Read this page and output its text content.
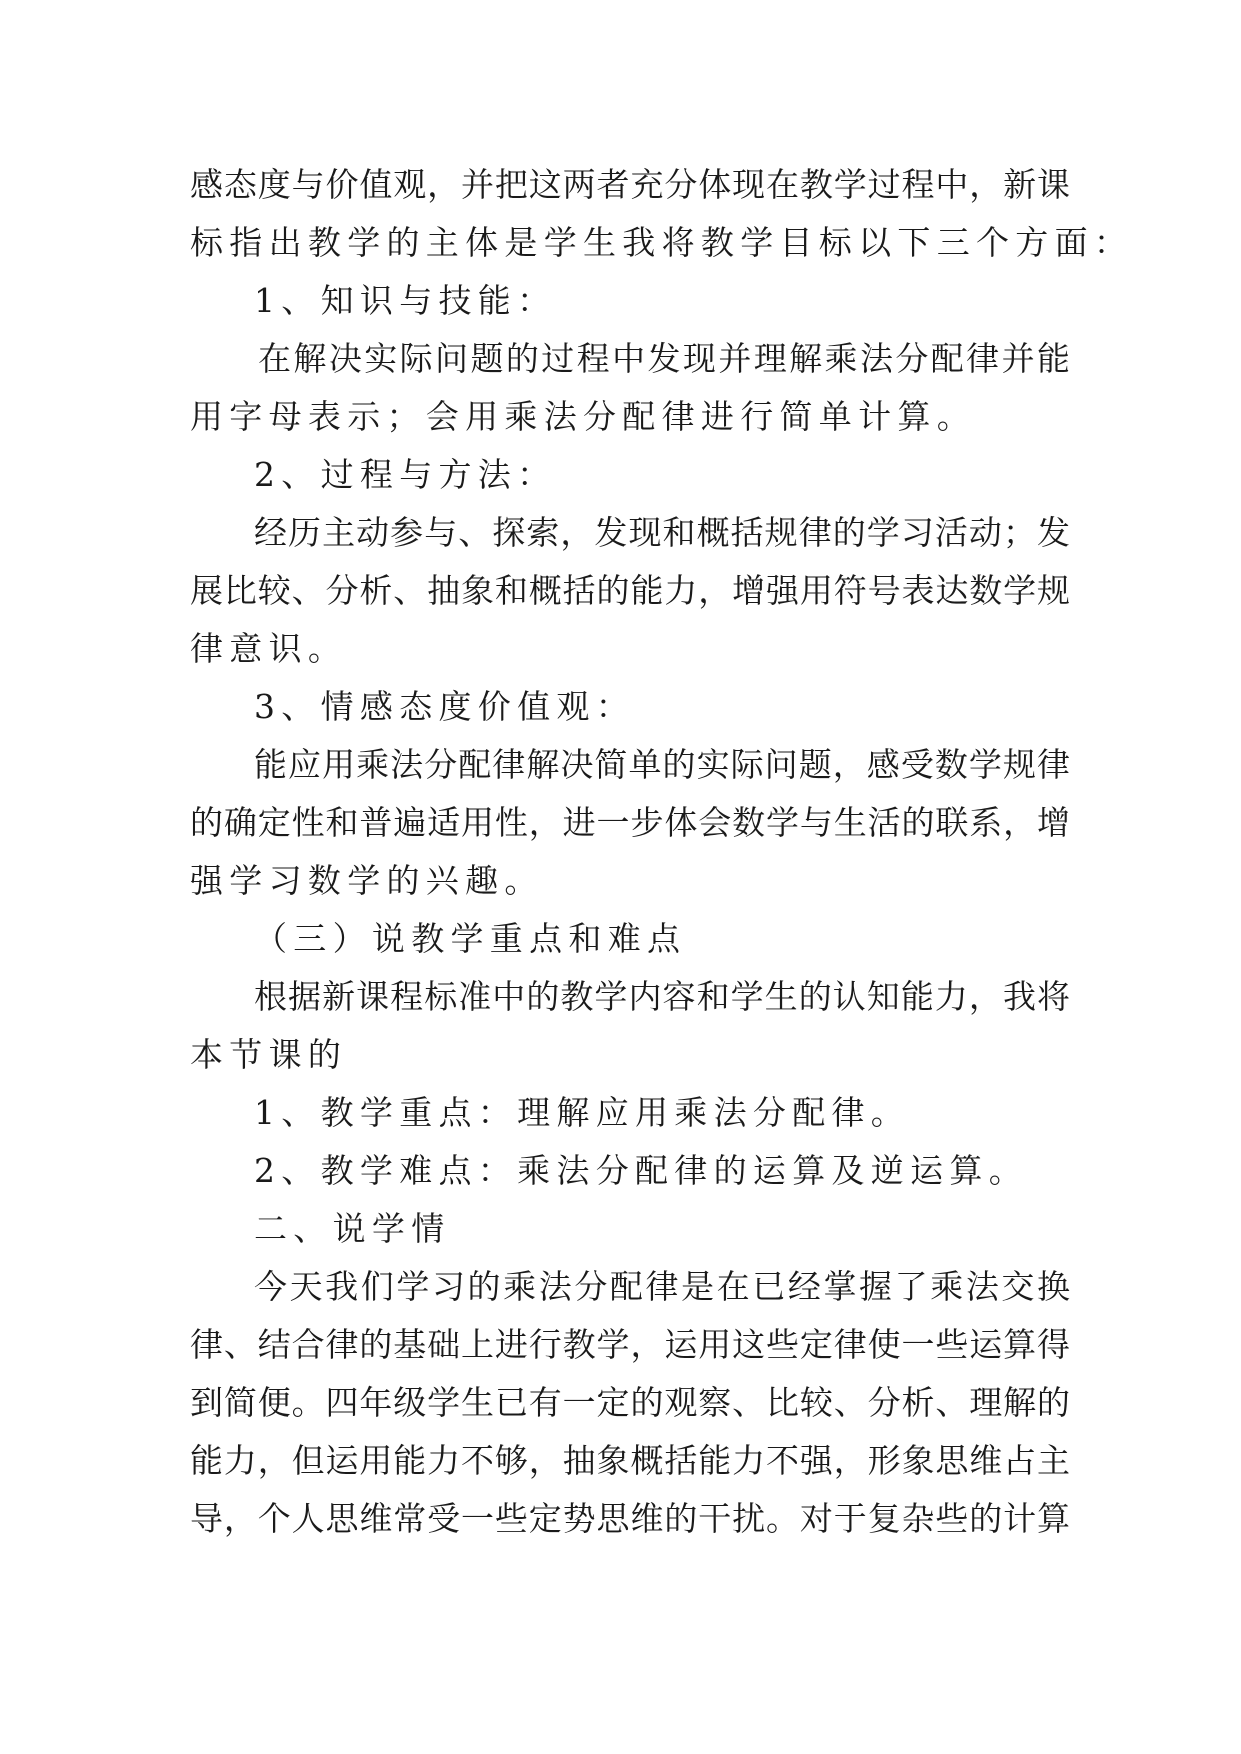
感态度与价值观，并把这两者充分体现在教学过程中，新课
标指出教学的主体是学生我将教学目标以下三个方面：
1、知识与技能：
在解决实际问题的过程中发现并理解乘法分配律并能
用字母表示；会用乘法分配律进行简单计算。
2、过程与方法：
经历主动参与、探索，发现和概括规律的学习活动；发
展比较、分析、抽象和概括的能力，增强用符号表达数学规
律意识。
3、情感态度价值观：
能应用乘法分配律解决简单的实际问题，感受数学规律
的确定性和普遍适用性，进一步体会数学与生活的联系，增
强学习数学的兴趣。
（三）说教学重点和难点
根据新课程标准中的教学内容和学生的认知能力，我将
本节课的
1、教学重点：理解应用乘法分配律。
2、教学难点：乘法分配律的运算及逆运算。
二、说学情
今天我们学习的乘法分配律是在已经掌握了乘法交换
律、结合律的基础上进行教学，运用这些定律使一些运算得
到简便。四年级学生已有一定的观察、比较、分析、理解的
能力，但运用能力不够，抽象概括能力不强，形象思维占主
导，个人思维常受一些定势思维的干扰。对于复杂些的计算
